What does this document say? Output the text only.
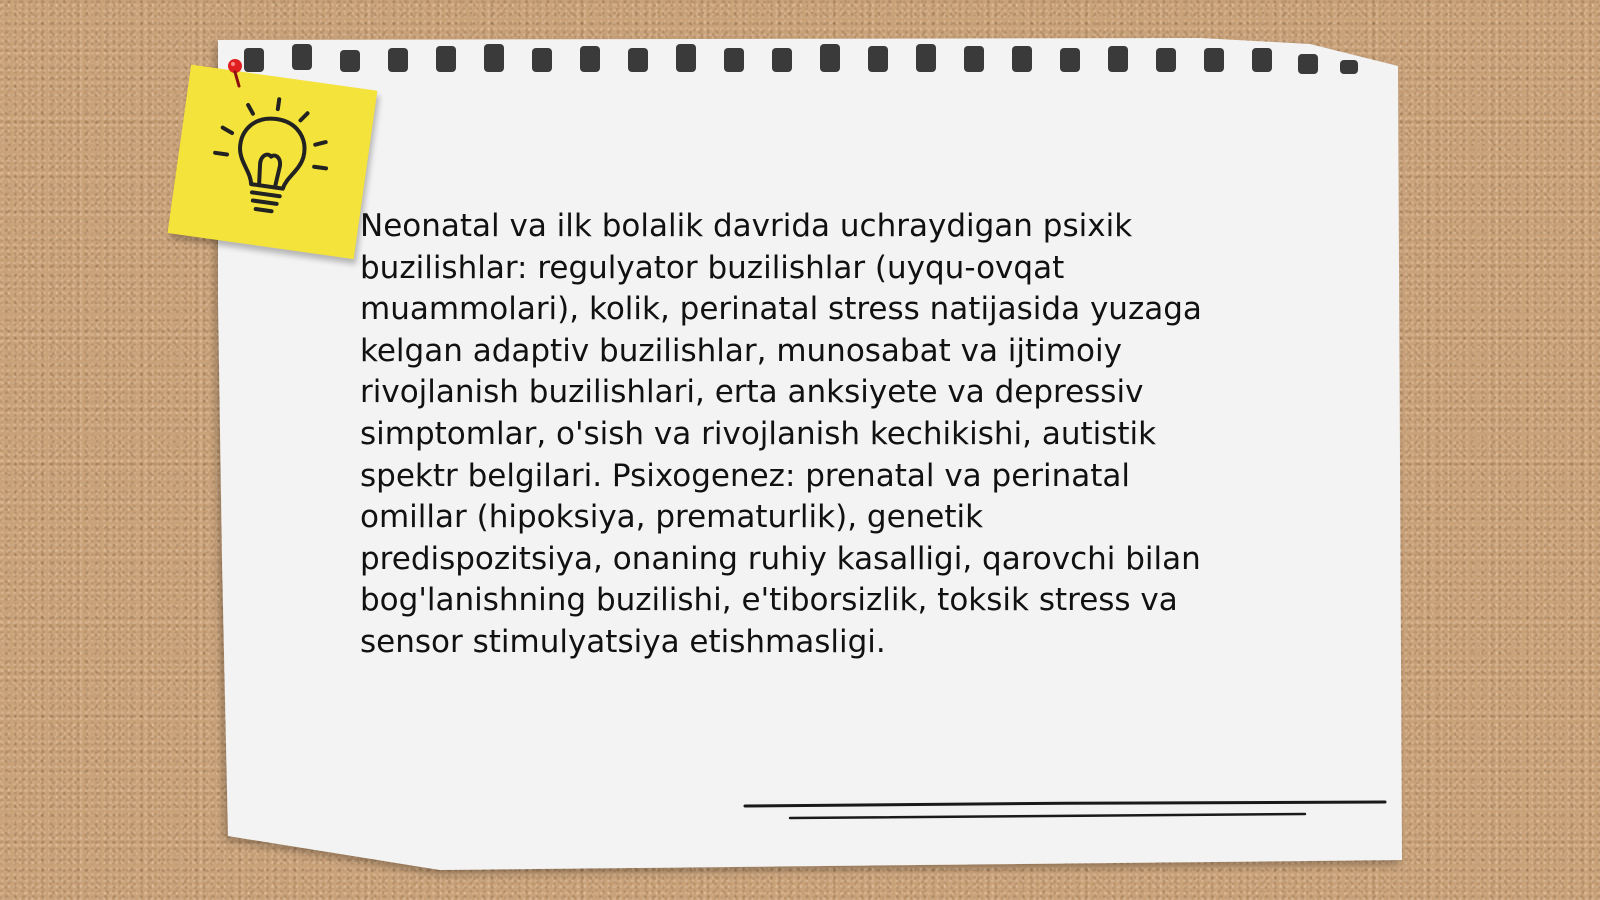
Neonatal va ilk bolalik davrida uchraydigan psixik
buzilishlar: regulyator buzilishlar (uyqu-ovqat
muammolari), kolik, perinatal stress natijasida yuzaga
kelgan adaptiv buzilishlar, munosabat va ijtimoiy
rivojlanish buzilishlari, erta anksiyete va depressiv
simptomlar, o'sish va rivojlanish kechikishi, autistik
spektr belgilari. Psixogenez: prenatal va perinatal
omillar (hipoksiya, prematurlik), genetik
predispozitsiya, onaning ruhiy kasalligi, qarovchi bilan
bog'lanishning buzilishi, e'tiborsizlik, toksik stress va
sensor stimulyatsiya etishmasligi.
